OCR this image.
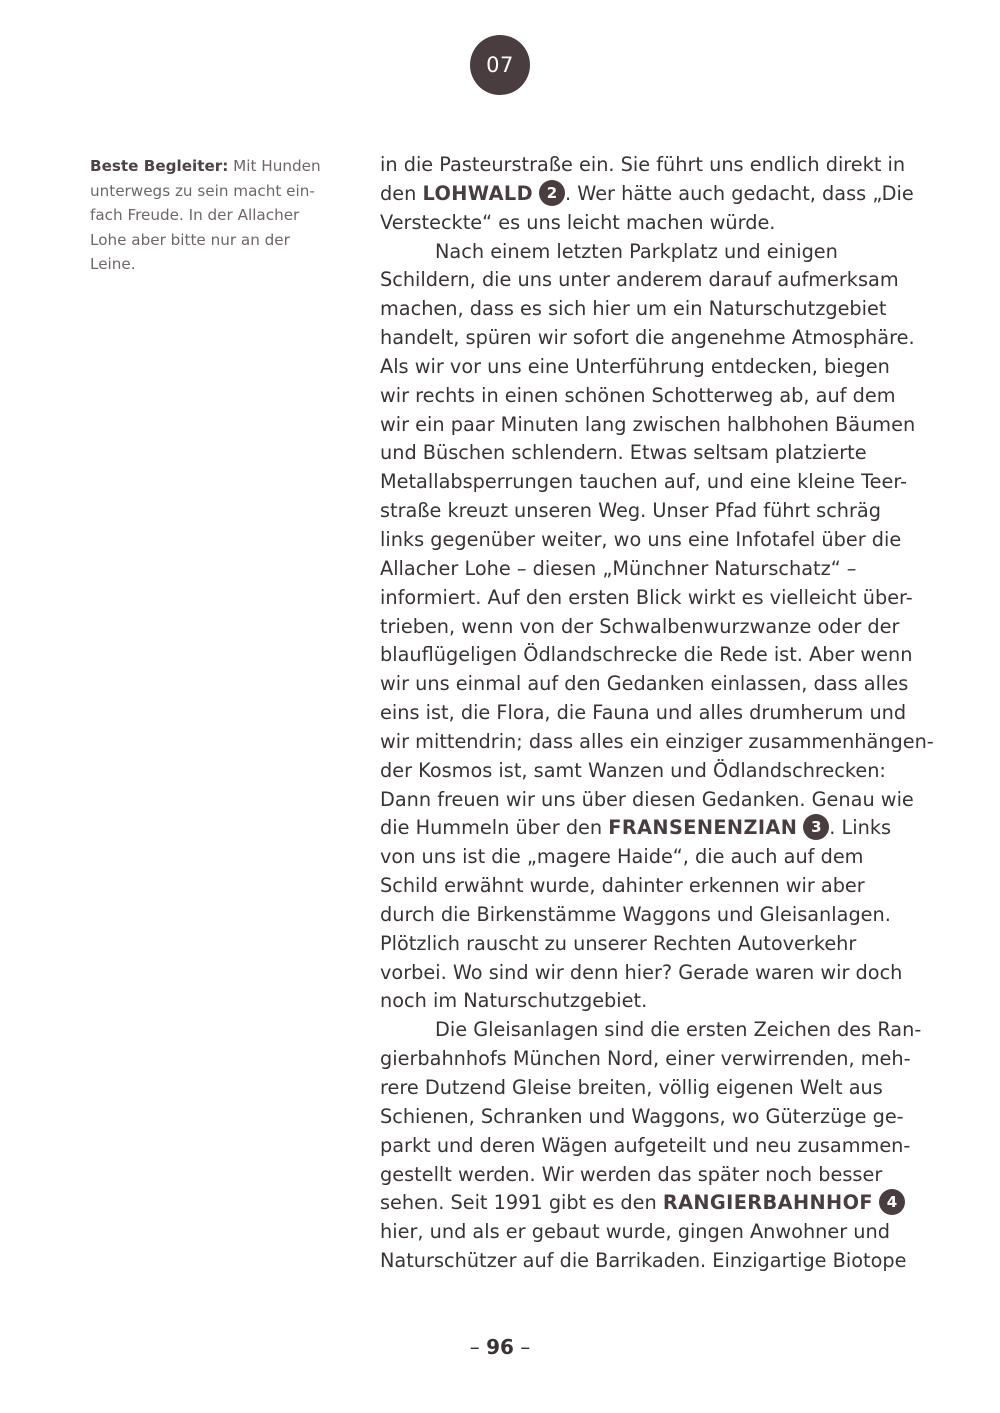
07
Beste Begleiter: Mit Hunden
unterwegs zu sein macht ein-
fach Freude. In der Allacher
Lohe aber bitte nur an der
Leine.
in die Pasteurstraße ein. Sie führt uns endlich direkt in
den LOHWALD 2 . Wer hätte auch gedacht, dass „Die
Versteckte“ es uns leicht machen würde.
Nach einem letzten Parkplatz und einigen
Schildern, die uns unter anderem darauf aufmerksam
machen, dass es sich hier um ein Naturschutzgebiet
handelt, spüren wir sofort die angenehme Atmosphäre.
Als wir vor uns eine Unterführung entdecken, biegen
wir rechts in einen schönen Schotterweg ab, auf dem
wir ein paar Minuten lang zwischen halbhohen Bäumen
und Büschen schlendern. Etwas seltsam platzierte
Metallabsperrungen tauchen auf, und eine kleine Teer-
straße kreuzt unseren Weg. Unser Pfad führt schräg
links gegenüber weiter, wo uns eine Infotafel über die
Allacher Lohe – diesen „Münchner Naturschatz“ –
informiert. Auf den ersten Blick wirkt es vielleicht über-
trieben, wenn von der Schwalbenwurzwanze oder der
blauflügeligen Ödlandschrecke die Rede ist. Aber wenn
wir uns einmal auf den Gedanken einlassen, dass alles
eins ist, die Flora, die Fauna und alles drumherum und
wir mittendrin; dass alles ein einziger zusammenhängen-
der Kosmos ist, samt Wanzen und Ödlandschrecken:
Dann freuen wir uns über diesen Gedanken. Genau wie
die Hummeln über den FRANSENENZIAN 3 . Links
von uns ist die „magere Haide“, die auch auf dem
Schild erwähnt wurde, dahinter erkennen wir aber
durch die Birkenstämme Waggons und Gleisanlagen.
Plötzlich rauscht zu unserer Rechten Autoverkehr
vorbei. Wo sind wir denn hier? Gerade waren wir doch
noch im Naturschutzgebiet.
Die Gleisanlagen sind die ersten Zeichen des Ran-
gierbahnhofs München Nord, einer verwirrenden, meh-
rere Dutzend Gleise breiten, völlig eigenen Welt aus
Schienen, Schranken und Waggons, wo Güterzüge ge-
parkt und deren Wägen aufgeteilt und neu zusammen-
gestellt werden. Wir werden das später noch besser
sehen. Seit 1991 gibt es den RANGIERBAHNHOF 4
hier, und als er gebaut wurde, gingen Anwohner und
Naturschützer auf die Barrikaden. Einzigartige Biotope
– 96 –
